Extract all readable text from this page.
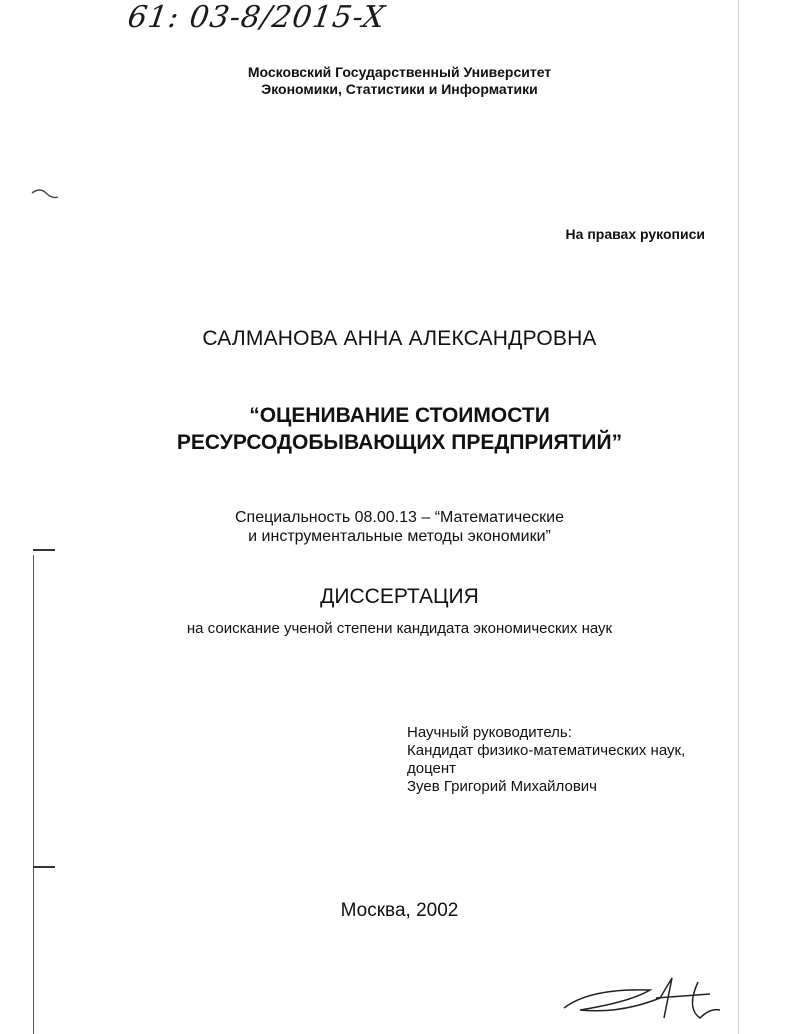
61: 03-8/2015-X
Московский Государственный Университет
Экономики, Статистики и Информатики
На правах рукописи
САЛМАНОВА АННА АЛЕКСАНДРОВНА
“ОЦЕНИВАНИЕ СТОИМОСТИ
РЕСУРСОДОБЫВАЮЩИХ ПРЕДПРИЯТИЙ”
Специальность 08.00.13 – “Математические
и инструментальные методы экономики”
ДИССЕРТАЦИЯ
на соискание ученой степени кандидата экономических наук
Научный руководитель:
Кандидат физико-математических наук,
доцент
Зуев Григорий Михайлович
Москва, 2002
